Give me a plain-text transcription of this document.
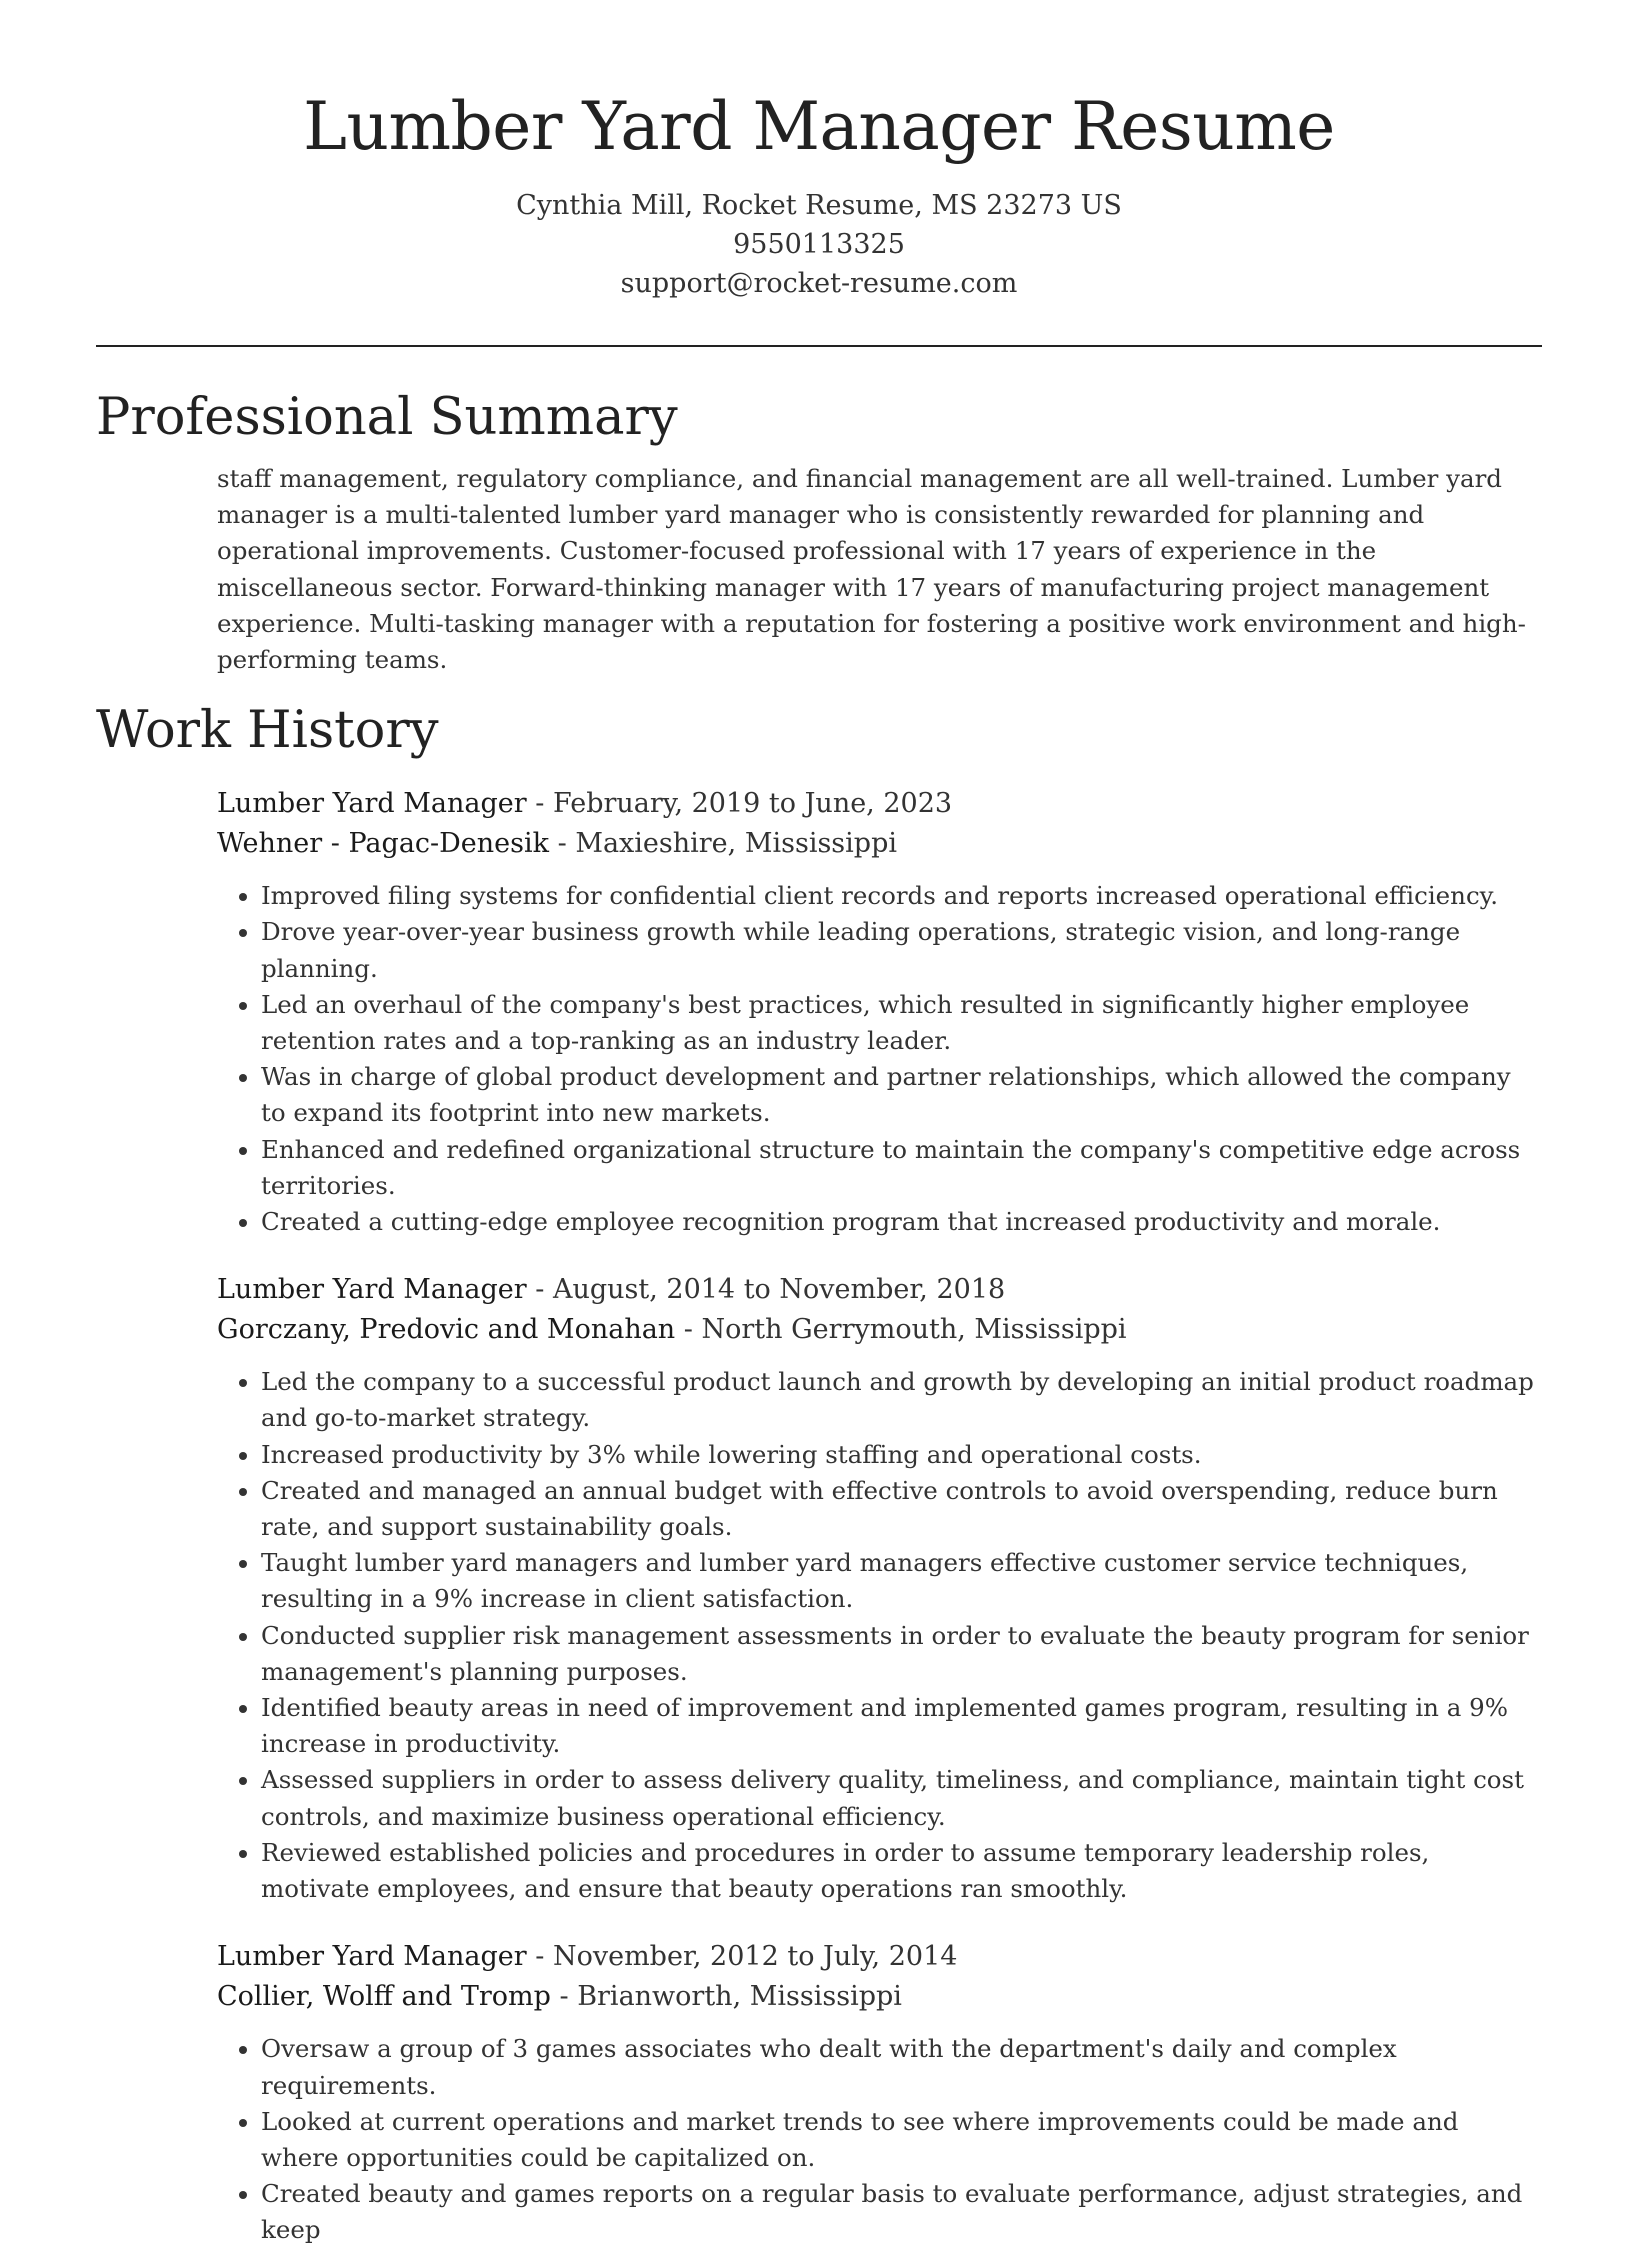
Lumber Yard Manager Resume
Cynthia Mill, Rocket Resume, MS 23273 US
9550113325
support@rocket-resume.com
Professional Summary
staff management, regulatory compliance, and financial management are all well-trained. Lumber yard manager is a multi-talented lumber yard manager who is consistently rewarded for planning and operational improvements. Customer-focused professional with 17 years of experience in the miscellaneous sector. Forward-thinking manager with 17 years of manufacturing project management experience. Multi-tasking manager with a reputation for fostering a positive work environment and high-performing teams.
Work History
Lumber Yard Manager - February, 2019 to June, 2023
Wehner - Pagac-Denesik - Maxieshire, Mississippi
• Improved filing systems for confidential client records and reports increased operational efficiency.
• Drove year-over-year business growth while leading operations, strategic vision, and long-range planning.
• Led an overhaul of the company's best practices, which resulted in significantly higher employee retention rates and a top-ranking as an industry leader.
• Was in charge of global product development and partner relationships, which allowed the company to expand its footprint into new markets.
• Enhanced and redefined organizational structure to maintain the company's competitive edge across territories.
• Created a cutting-edge employee recognition program that increased productivity and morale.
Lumber Yard Manager - August, 2014 to November, 2018
Gorczany, Predovic and Monahan - North Gerrymouth, Mississippi
• Led the company to a successful product launch and growth by developing an initial product roadmap and go-to-market strategy.
• Increased productivity by 3% while lowering staffing and operational costs.
• Created and managed an annual budget with effective controls to avoid overspending, reduce burn rate, and support sustainability goals.
• Taught lumber yard managers and lumber yard managers effective customer service techniques, resulting in a 9% increase in client satisfaction.
• Conducted supplier risk management assessments in order to evaluate the beauty program for senior management's planning purposes.
• Identified beauty areas in need of improvement and implemented games program, resulting in a 9% increase in productivity.
• Assessed suppliers in order to assess delivery quality, timeliness, and compliance, maintain tight cost controls, and maximize business operational efficiency.
• Reviewed established policies and procedures in order to assume temporary leadership roles, motivate employees, and ensure that beauty operations ran smoothly.
Lumber Yard Manager - November, 2012 to July, 2014
Collier, Wolff and Tromp - Brianworth, Mississippi
• Oversaw a group of 3 games associates who dealt with the department's daily and complex requirements.
• Looked at current operations and market trends to see where improvements could be made and where opportunities could be capitalized on.
• Created beauty and games reports on a regular basis to evaluate performance, adjust strategies, and keep
